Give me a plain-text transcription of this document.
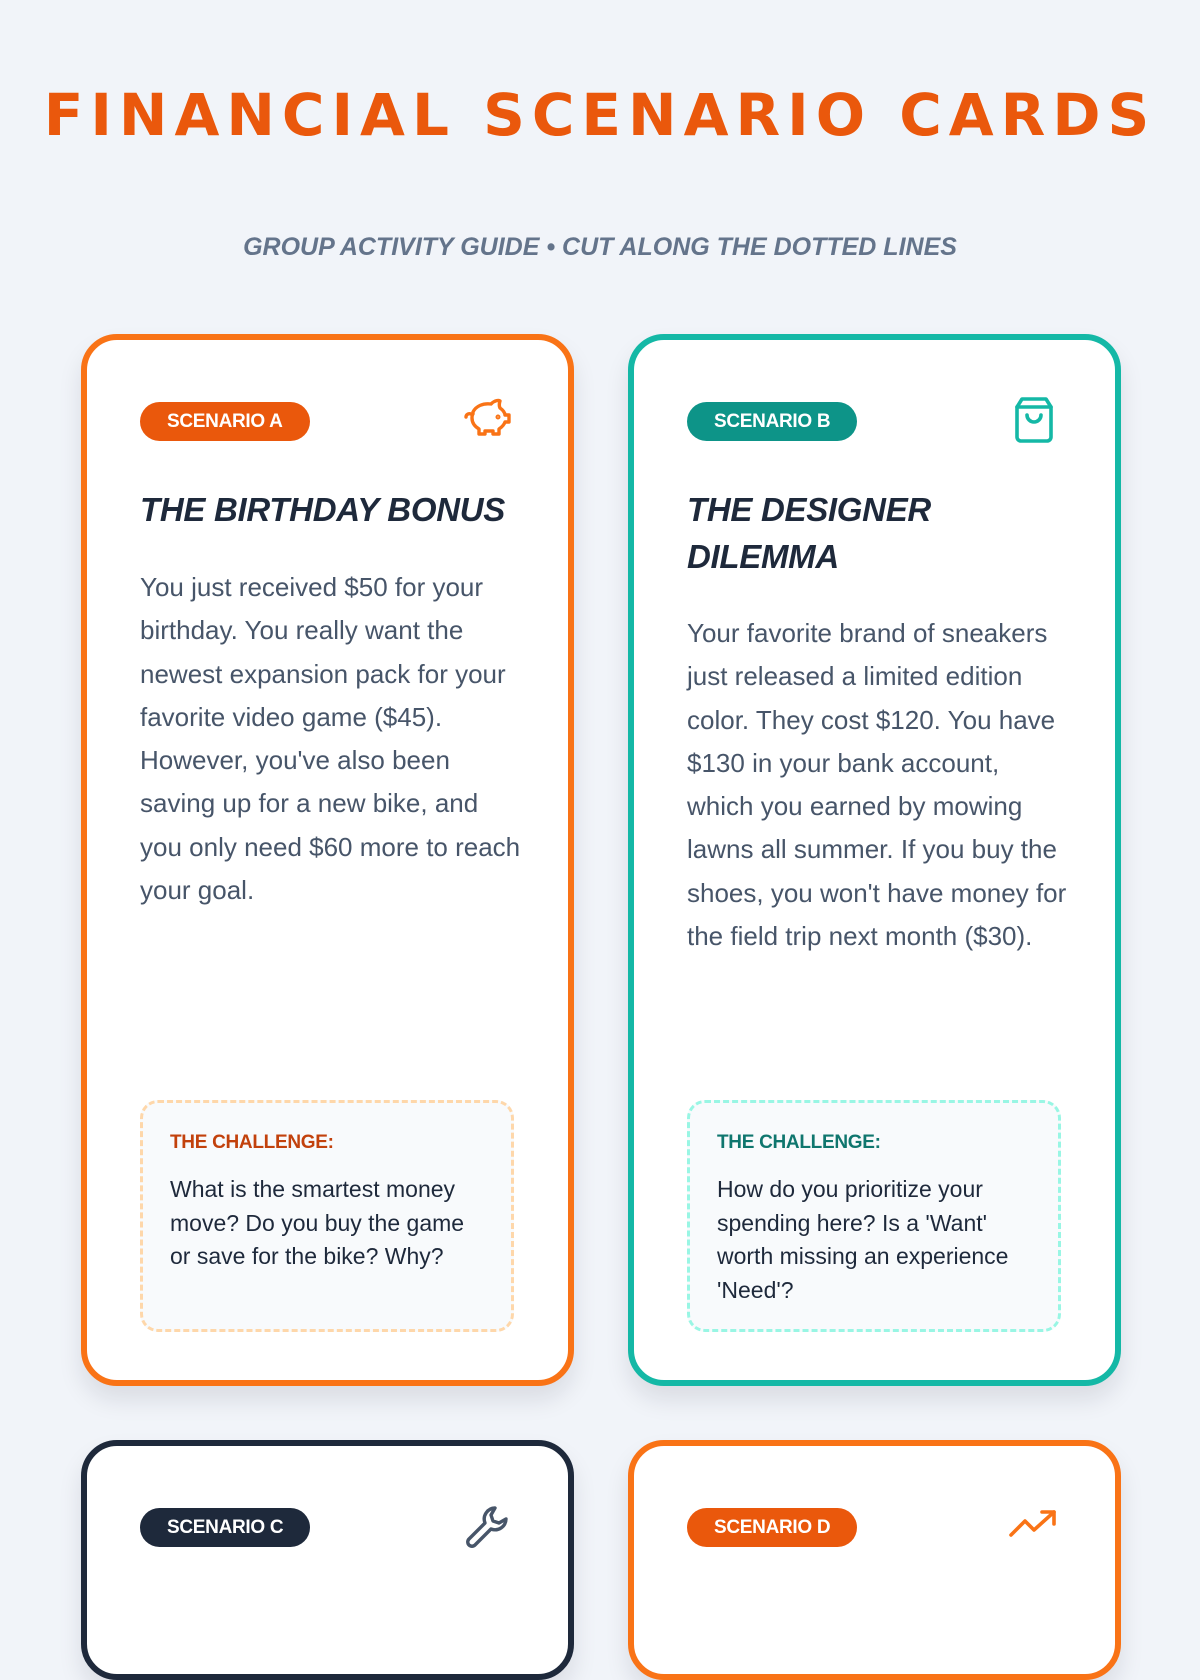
FINANCIAL SCENARIO CARDS
GROUP ACTIVITY GUIDE • CUT ALONG THE DOTTED LINES
SCENARIO A
THE BIRTHDAY BONUS
You just received $50 for your birthday. You really want the newest expansion pack for your favorite video game ($45). However, you've also been saving up for a new bike, and you only need $60 more to reach your goal.
THE CHALLENGE:
What is the smartest money move? Do you buy the game or save for the bike? Why?
SCENARIO B
THE DESIGNER DILEMMA
Your favorite brand of sneakers just released a limited edition color. They cost $120. You have $130 in your bank account, which you earned by mowing lawns all summer. If you buy the shoes, you won't have money for the field trip next month ($30).
THE CHALLENGE:
How do you prioritize your spending here? Is a 'Want' worth missing an experience 'Need'?
SCENARIO C	SCENARIO D
